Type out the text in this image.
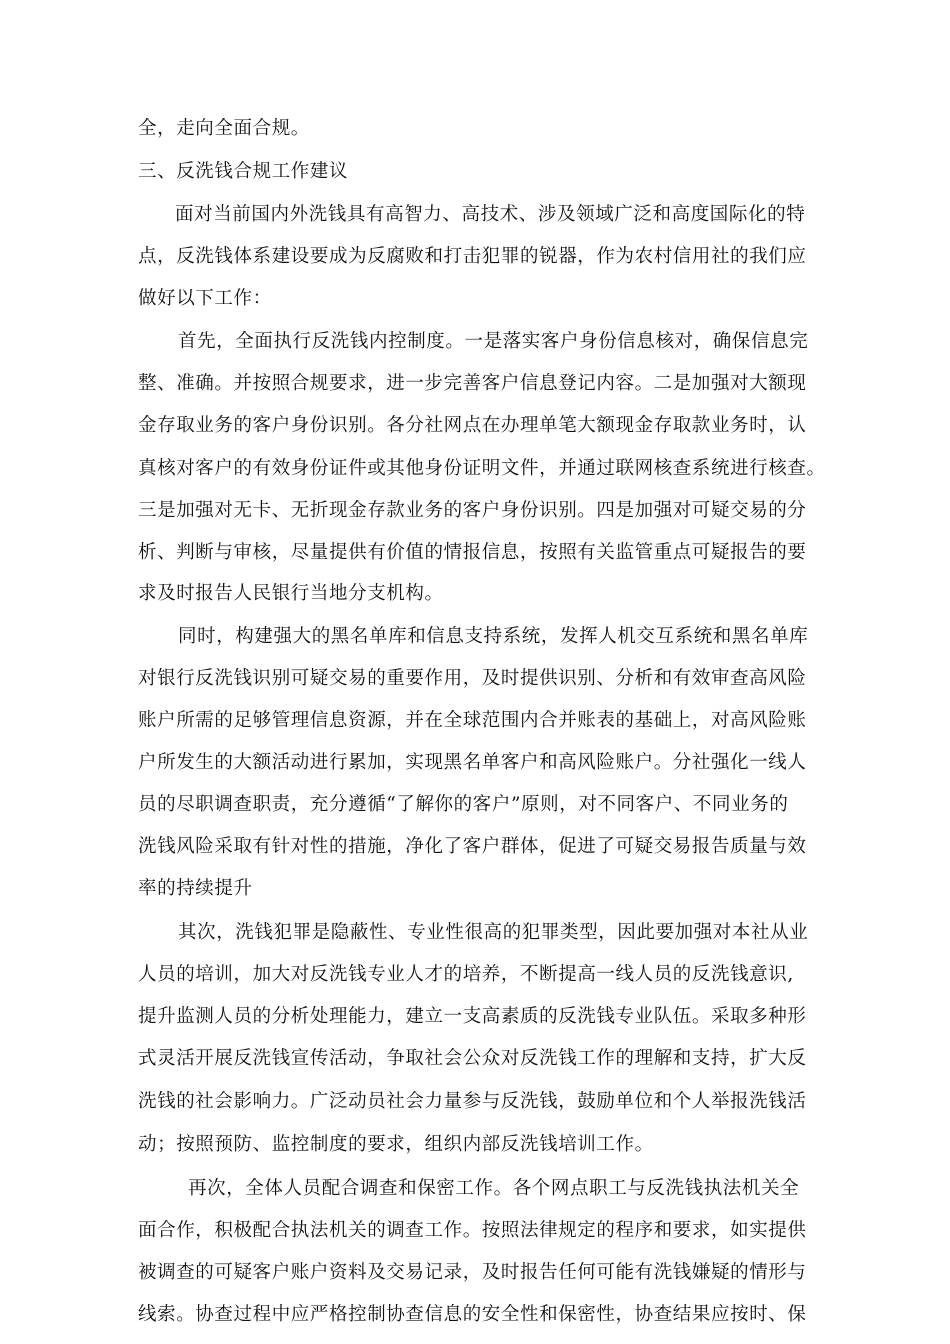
全，走向全面合规。
三、反洗钱合规工作建议
面对当前国内外洗钱具有高智力、高技术、涉及领域广泛和高度国际化的特
点，反洗钱体系建设要成为反腐败和打击犯罪的锐器，作为农村信用社的我们应
做好以下工作：
首先，全面执行反洗钱内控制度。一是落实客户身份信息核对，确保信息完
整、准确。并按照合规要求，进一步完善客户信息登记内容。二是加强对大额现
金存取业务的客户身份识别。各分社网点在办理单笔大额现金存取款业务时，认
真核对客户的有效身份证件或其他身份证明文件，并通过联网核查系统进行核查。
三是加强对无卡、无折现金存款业务的客户身份识别。四是加强对可疑交易的分
析、判断与审核，尽量提供有价值的情报信息，按照有关监管重点可疑报告的要
求及时报告人民银行当地分支机构。
同时，构建强大的黑名单库和信息支持系统，发挥人机交互系统和黑名单库
对银行反洗钱识别可疑交易的重要作用，及时提供识别、分析和有效审查高风险
账户所需的足够管理信息资源，并在全球范围内合并账表的基础上，对高风险账
户所发生的大额活动进行累加，实现黑名单客户和高风险账户。分社强化一线人
员的尽职调查职责，充分遵循“了解你的客户”原则，对不同客户、不同业务的
洗钱风险采取有针对性的措施，净化了客户群体，促进了可疑交易报告质量与效
率的持续提升
其次，洗钱犯罪是隐蔽性、专业性很高的犯罪类型，因此要加强对本社从业
人员的培训，加大对反洗钱专业人才的培养，不断提高一线人员的反洗钱意识,
提升监测人员的分析处理能力，建立一支高素质的反洗钱专业队伍。采取多种形
式灵活开展反洗钱宣传活动，争取社会公众对反洗钱工作的理解和支持，扩大反
洗钱的社会影响力。广泛动员社会力量参与反洗钱，鼓励单位和个人举报洗钱活
动；按照预防、监控制度的要求，组织内部反洗钱培训工作。
再次，全体人员配合调查和保密工作。各个网点职工与反洗钱执法机关全
面合作，积极配合执法机关的调查工作。按照法律规定的程序和要求，如实提供
被调查的可疑客户账户资料及交易记录，及时报告任何可能有洗钱嫌疑的情形与
线索。协查过程中应严格控制协查信息的安全性和保密性，协查结果应按时、保
